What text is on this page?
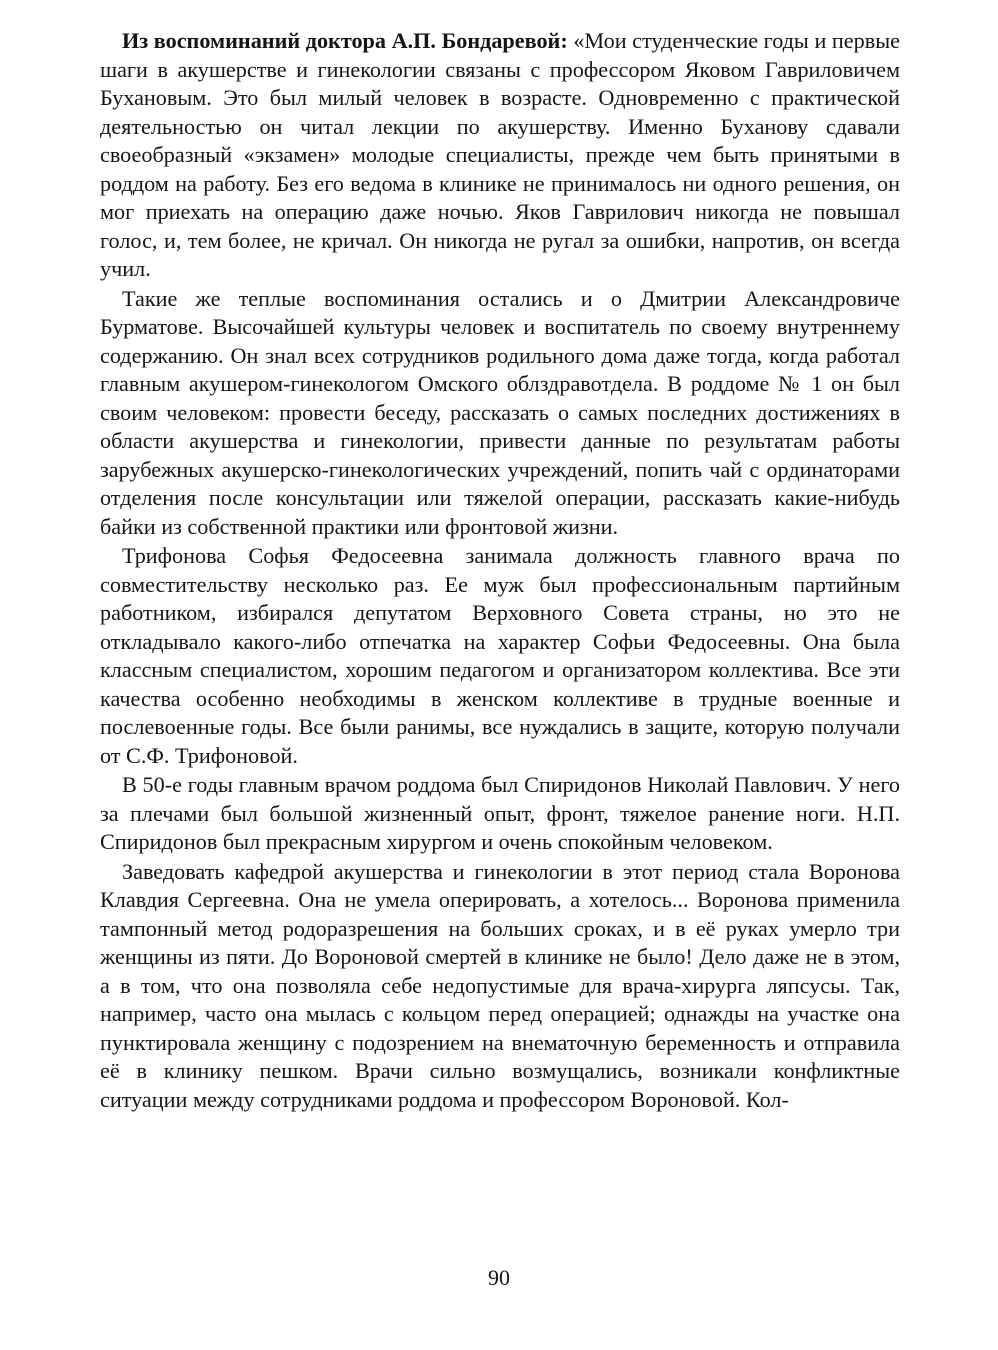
Из воспоминаний доктора А.П. Бондаревой: «Мои студенческие годы и первые шаги в акушерстве и гинекологии связаны с профессором Яковом Гавриловичем Бухановым. Это был милый человек в возрасте. Одновременно с практической деятельностью он читал лекции по акушерству. Именно Буханову сдавали своеобразный «экзамен» молодые специалисты, прежде чем быть принятыми в роддом на работу. Без его ведома в клинике не принималось ни одного решения, он мог приехать на операцию даже ночью. Яков Гаврилович никогда не повышал голос, и, тем более, не кричал. Он никогда не ругал за ошибки, напротив, он всегда учил.

Такие же теплые воспоминания остались и о Дмитрии Александровиче Бурматове. Высочайшей культуры человек и воспитатель по своему внутреннему содержанию. Он знал всех сотрудников родильного дома даже тогда, когда работал главным акушером-гинекологом Омского облздравотдела. В роддоме № 1 он был своим человеком: провести беседу, рассказать о самых последних достижениях в области акушерства и гинекологии, привести данные по результатам работы зарубежных акушерско-гинекологических учреждений, попить чай с ординаторами отделения после консультации или тяжелой операции, рассказать какие-нибудь байки из собственной практики или фронтовой жизни.

Трифонова Софья Федосеевна занимала должность главного врача по совместительству несколько раз. Ее муж был профессиональным партийным работником, избирался депутатом Верховного Совета страны, но это не откладывало какого-либо отпечатка на характер Софьи Федосеевны. Она была классным специалистом, хорошим педагогом и организатором коллектива. Все эти качества особенно необходимы в женском коллективе в трудные военные и послевоенные годы. Все были ранимы, все нуждались в защите, которую получали от С.Ф. Трифоновой.

В 50-е годы главным врачом роддома был Спиридонов Николай Павлович. У него за плечами был большой жизненный опыт, фронт, тяжелое ранение ноги. Н.П. Спиридонов был прекрасным хирургом и очень спокойным человеком.

Заведовать кафедрой акушерства и гинекологии в этот период стала Воронова Клавдия Сергеевна. Она не умела оперировать, а хотелось... Воронова применила тампонный метод родоразрешения на больших сроках, и в её руках умерло три женщины из пяти. До Вороновой смертей в клинике не было! Дело даже не в этом, а в том, что она позволяла себе недопустимые для врача-хирурга ляпсусы. Так, например, часто она мылась с кольцом перед операцией; однажды на участке она пунктировала женщину с подозрением на внематочную беременность и отправила её в клинику пешком. Врачи сильно возмущались, возникали конфликтные ситуации между сотрудниками роддома и профессором Вороновой. Кол-

90
